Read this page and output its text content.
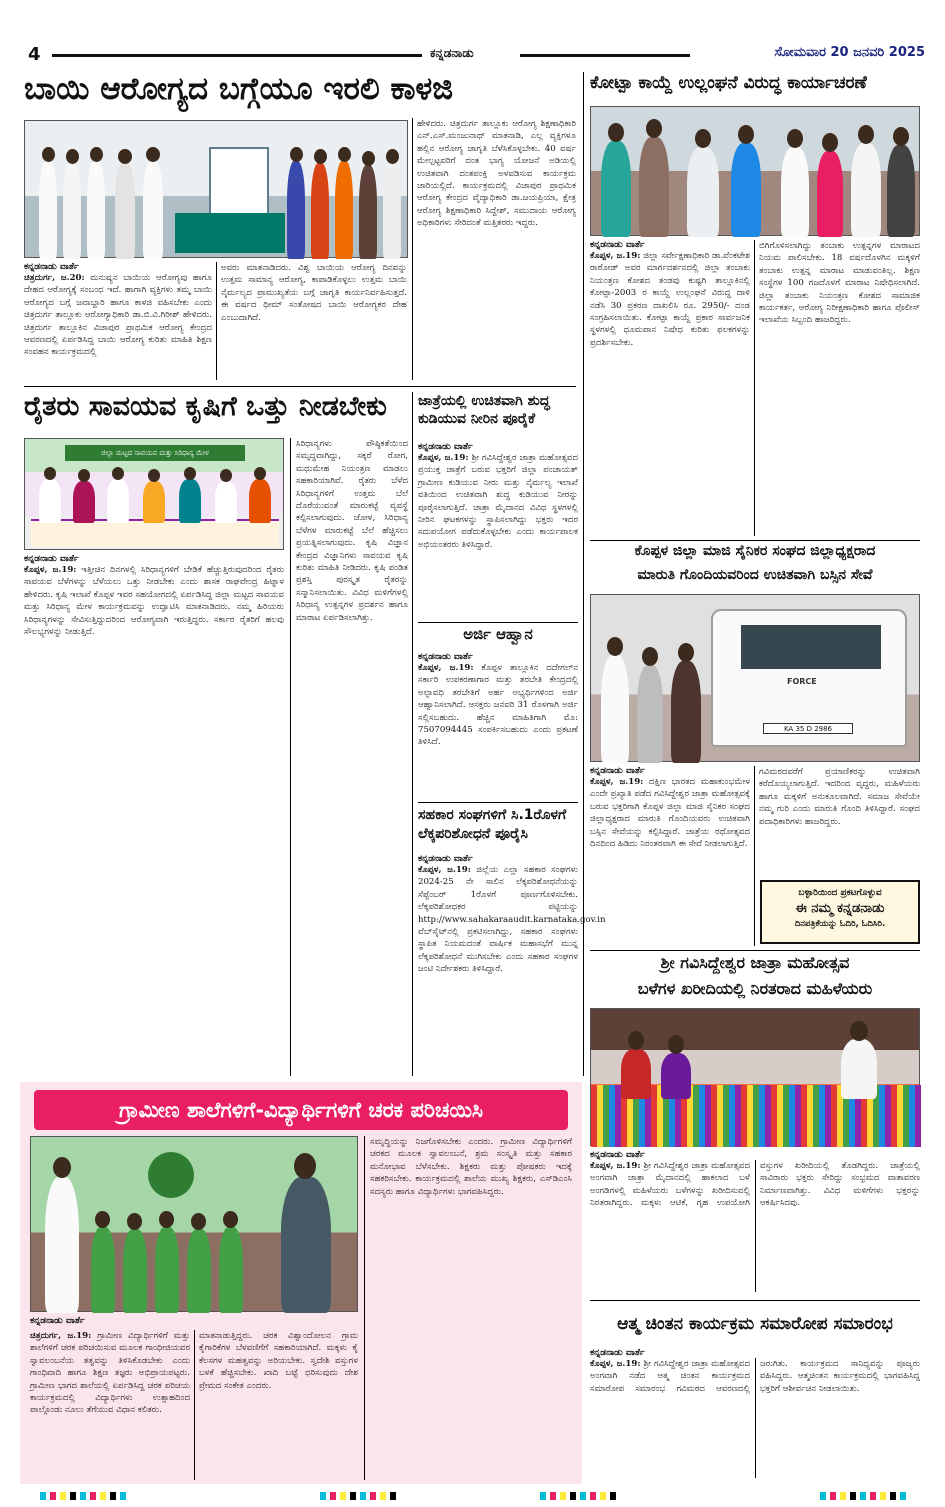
4	ಕನ್ನಡನಾಡು	ಸೋಮವಾರ 20 ಜನವರಿ 2025
ಬಾಯಿ ಆರೋಗ್ಯದ ಬಗ್ಗೆಯೂ ಇರಲಿ ಕಾಳಜಿ
ಕನ್ನಡನಾಡು ವಾರ್ತೆ
ಚಿತ್ರದುರ್ಗ, ಜ.20: ಮನುಷ್ಯನ ಬಾಯಿಯ ಆರೋಗ್ಯವು ಹಾಗೂ ದೇಹದ ಆರೋಗ್ಯಕ್ಕೆ ಸಂಬಂಧ ಇದೆ. ಹಾಗಾಗಿ ವ್ಯಕ್ತಿಗಳು ತಮ್ಮ ಬಾಯಿ ಆರೋಗ್ಯದ ಬಗ್ಗೆ ಜವಾಬ್ದಾರಿ ಹಾಗೂ ಕಾಳಜಿ ವಹಿಸಬೇಕು ಎಂದು ಚಿತ್ರದುರ್ಗ ತಾಲ್ಲೂಕು ಆರೋಗ್ಯಾಧಿಕಾರಿ ಡಾ.ಬಿ.ವಿ.ಗಿರೀಶ್ ಹೇಳಿದರು. ಚಿತ್ರದುರ್ಗ ತಾಲ್ಲೂಕಿನ ವಿಜಾಪುರ ಪ್ರಾಥಮಿಕ ಆರೋಗ್ಯ ಕೇಂದ್ರದ ಆವರಣದಲ್ಲಿ ಏರ್ಪಡಿಸಿದ್ದ ಬಾಯಿ ಆರೋಗ್ಯ ಕುರಿತು ಮಾಹಿತಿ ಶಿಕ್ಷಣ ಸಂವಹನ ಕಾರ್ಯಕ್ರಮದಲ್ಲಿ
ಅವರು ಮಾತನಾಡಿದರು. ವಿಶ್ವ ಬಾಯಿಯ ಆರೋಗ್ಯ ದಿನವನ್ನು ಉತ್ತಮ ಸಾಮಾನ್ಯ ಆರೋಗ್ಯ, ಕಾಪಾಡಿಕೊಳ್ಳಲು ಉತ್ತಮ ಬಾಯಿ ನೈರ್ಮಲ್ಯದ ಪ್ರಾಮುಖ್ಯತೆಯ ಬಗ್ಗೆ ಜಾಗೃತಿ ಕಾರ್ಯನಿರ್ವಹಿಸುತ್ತದೆ. ಈ ವರ್ಷದ ಥೀಮ್ ಸಂತೋಷದ ಬಾಯಿ ಆರೋಗ್ಯಕರ ದೇಹ ಎಂಬುದಾಗಿದೆ.
ಹೇಳಿದರು. ಚಿತ್ರದುರ್ಗ ತಾಲ್ಲೂಕು ಆರೋಗ್ಯ ಶಿಕ್ಷಣಾಧಿಕಾರಿ ಎನ್.ಎಸ್.ಮಂಜುನಾಥ್ ಮಾತನಾಡಿ, ಎಲ್ಲ ವ್ಯಕ್ತಿಗಳೂ ಹಲ್ಲಿನ ಆರೋಗ್ಯ ಜಾಗೃತಿ ಬೆಳೆಸಿಕೊಳ್ಳಬೇಕು. 40 ವರ್ಷ ಮೇಲ್ಪಟ್ಟವರಿಗೆ ದಂತ ಭಾಗ್ಯ ಯೋಜನೆ ಅಡಿಯಲ್ಲಿ ಉಚಿತವಾಗಿ ದಂತಪಂಕ್ತಿ ಅಳವಡಿಸುವ ಕಾರ್ಯಕ್ರಮ ಜಾರಿಯಲ್ಲಿದೆ. ಕಾರ್ಯಕ್ರಮದಲ್ಲಿ ವಿಜಾಪುರ ಪ್ರಾಥಮಿಕ ಆರೋಗ್ಯ ಕೇಂದ್ರದ ವೈದ್ಯಾಧಿಕಾರಿ ಡಾ.ಜಯಪ್ರಿಯಾ, ಕ್ಷೇತ್ರ ಆರೋಗ್ಯ ಶಿಕ್ಷಣಾಧಿಕಾರಿ ಸಿದ್ದೇಶ್, ಸಮುದಾಯ ಆರೋಗ್ಯ ಅಧಿಕಾರಿಗಳು ಸೇರಿದಂತೆ ಮತ್ತಿತರರು ಇದ್ದರು.
ಕೋಟ್ಪಾ ಕಾಯ್ದೆ ಉಲ್ಲಂಘನೆ ವಿರುದ್ಧ ಕಾರ್ಯಾಚರಣೆ
ಕನ್ನಡನಾಡು ವಾರ್ತೆ
ಕೊಪ್ಪಳ, ಜ.19: ಜಿಲ್ಲಾ ಸರ್ವೇಕ್ಷಣಾಧಿಕಾರಿ ಡಾ.ವೆಂಕಟೇಶ ರಾಠೋಡ್ ಅವರ ಮಾರ್ಗದರ್ಶನದಲ್ಲಿ ಜಿಲ್ಲಾ ತಂಬಾಕು ನಿಯಂತ್ರಣ ಕೋಶದ ತಂಡವು ಕುಷ್ಟಗಿ ತಾಲ್ಲೂಕಿನಲ್ಲಿ ಕೋಟ್ಪಾ-2003 ರ ಕಾಯ್ದೆ ಉಲ್ಲಂಘನೆ ವಿರುದ್ಧ ದಾಳಿ ನಡೆಸಿ 30 ಪ್ರಕರಣ ದಾಖಲಿಸಿ ರೂ. 2950/- ದಂಡ ಸಂಗ್ರಹಿಸಲಾಯಿತು. ಕೋಟ್ಪಾ ಕಾಯ್ದೆ ಪ್ರಕಾರ ಸಾರ್ವಜನಿಕ ಸ್ಥಳಗಳಲ್ಲಿ ಧೂಮಪಾನ ನಿಷೇಧ ಕುರಿತು ಫಲಕಗಳನ್ನು ಪ್ರದರ್ಶಿಸಬೇಕು.
ಬಿಗಿಗೊಳಿಸಲಾಗಿದ್ದು ತಂಬಾಕು ಉತ್ಪನ್ನಗಳ ಮಾರಾಟದ ನಿಯಮ ಪಾಲಿಸಬೇಕು. 18 ವರ್ಷದೊಳಗಿನ ಮಕ್ಕಳಿಗೆ ತಂಬಾಕು ಉತ್ಪನ್ನ ಮಾರಾಟ ಮಾಡುವಂತಿಲ್ಲ. ಶಿಕ್ಷಣ ಸಂಸ್ಥೆಗಳ 100 ಗಜದೊಳಗೆ ಮಾರಾಟ ನಿಷೇಧಿಸಲಾಗಿದೆ. ಜಿಲ್ಲಾ ತಂಬಾಕು ನಿಯಂತ್ರಣ ಕೋಶದ ಸಾಮಾಜಿಕ ಕಾರ್ಯಕರ್ತ, ಆರೋಗ್ಯ ನಿರೀಕ್ಷಣಾಧಿಕಾರಿ ಹಾಗೂ ಪೊಲೀಸ್ ಇಲಾಖೆಯ ಸಿಬ್ಬಂದಿ ಹಾಜರಿದ್ದರು.
ರೈತರು ಸಾವಯವ ಕೃಷಿಗೆ ಒತ್ತು ನೀಡಬೇಕು
ಜಿಲ್ಲಾ ಮಟ್ಟದ ಸಾವಯವ ಮತ್ತು ಸಿರಿಧಾನ್ಯ ಮೇಳ
ಕನ್ನಡನಾಡು ವಾರ್ತೆ
ಕೊಪ್ಪಳ, ಜ.19: ಇತ್ತೀಚಿನ ದಿನಗಳಲ್ಲಿ ಸಿರಿಧಾನ್ಯಗಳಿಗೆ ಬೇಡಿಕೆ ಹೆಚ್ಚುತ್ತಿರುವುದರಿಂದ ರೈತರು ಸಾವಯವ ಬೆಳೆಗಳನ್ನು ಬೆಳೆಯಲು ಒತ್ತು ನೀಡಬೇಕು ಎಂದು ಶಾಸಕ ರಾಘವೇಂದ್ರ ಹಿಟ್ನಾಳ ಹೇಳಿದರು. ಕೃಷಿ ಇಲಾಖೆ ಕೊಪ್ಪಳ ಇವರ ಸಹಯೋಗದಲ್ಲಿ ಏರ್ಪಡಿಸಿದ್ದ ಜಿಲ್ಲಾ ಮಟ್ಟದ ಸಾವಯವ ಮತ್ತು ಸಿರಿಧಾನ್ಯ ಮೇಳ ಕಾರ್ಯಕ್ರಮವನ್ನು ಉದ್ಘಾಟಿಸಿ ಮಾತನಾಡಿದರು. ನಮ್ಮ ಹಿರಿಯರು ಸಿರಿಧಾನ್ಯಗಳನ್ನು ಸೇವಿಸುತ್ತಿದ್ದುದರಿಂದ ಆರೋಗ್ಯವಾಗಿ ಇರುತ್ತಿದ್ದರು. ಸರ್ಕಾರ ರೈತರಿಗೆ ಹಲವು ಸೌಲಭ್ಯಗಳನ್ನು ನೀಡುತ್ತಿದೆ.
ಸಿರಿಧಾನ್ಯಗಳು ಪೌಷ್ಠಿಕತೆಯಿಂದ ಸಮೃದ್ಧವಾಗಿದ್ದು, ಸಕ್ಕರೆ ರೋಗ, ಮಧುಮೇಹ ನಿಯಂತ್ರಣ ಮಾಡಲು ಸಹಕಾರಿಯಾಗಿವೆ. ರೈತರು ಬೆಳೆದ ಸಿರಿಧಾನ್ಯಗಳಿಗೆ ಉತ್ತಮ ಬೆಲೆ ದೊರೆಯುವಂತೆ ಮಾರುಕಟ್ಟೆ ವ್ಯವಸ್ಥೆ ಕಲ್ಪಿಸಲಾಗುವುದು. ಜೋಳ, ಸಿರಿಧಾನ್ಯ ಬೆಳೆಗಳ ಮಾರುಕಟ್ಟೆ ಬೆಲೆ ಹೆಚ್ಚಿಸಲು ಪ್ರಯತ್ನಿಸಲಾಗುವುದು. ಕೃಷಿ ವಿಜ್ಞಾನ ಕೇಂದ್ರದ ವಿಜ್ಞಾನಿಗಳು ಸಾವಯವ ಕೃಷಿ ಕುರಿತು ಮಾಹಿತಿ ನೀಡಿದರು. ಕೃಷಿ ಪಂಡಿತ ಪ್ರಶಸ್ತಿ ಪುರಸ್ಕೃತ ರೈತರನ್ನು ಸನ್ಮಾನಿಸಲಾಯಿತು. ವಿವಿಧ ಮಳಿಗೆಗಳಲ್ಲಿ ಸಿರಿಧಾನ್ಯ ಉತ್ಪನ್ನಗಳ ಪ್ರದರ್ಶನ ಹಾಗೂ ಮಾರಾಟ ಏರ್ಪಡಿಸಲಾಗಿತ್ತು.
ಜಾತ್ರೆಯಲ್ಲಿ ಉಚಿತವಾಗಿ ಶುದ್ಧ ಕುಡಿಯುವ ನೀರಿನ ಪೂರೈಕೆ
ಕನ್ನಡನಾಡು ವಾರ್ತೆ
ಕೊಪ್ಪಳ, ಜ.19: ಶ್ರೀ ಗವಿಸಿದ್ದೇಶ್ವರ ಜಾತ್ರಾ ಮಹೋತ್ಸವದ ಪ್ರಯುಕ್ತ ಜಾತ್ರೆಗೆ ಬರುವ ಭಕ್ತರಿಗೆ ಜಿಲ್ಲಾ ಪಂಚಾಯತ್ ಗ್ರಾಮೀಣ ಕುಡಿಯುವ ನೀರು ಮತ್ತು ನೈರ್ಮಲ್ಯ ಇಲಾಖೆ ವತಿಯಿಂದ ಉಚಿತವಾಗಿ ಶುದ್ಧ ಕುಡಿಯುವ ನೀರನ್ನು ಪೂರೈಸಲಾಗುತ್ತಿದೆ. ಜಾತ್ರಾ ಮೈದಾನದ ವಿವಿಧ ಸ್ಥಳಗಳಲ್ಲಿ ನೀರಿನ ಘಟಕಗಳನ್ನು ಸ್ಥಾಪಿಸಲಾಗಿದ್ದು ಭಕ್ತರು ಇದರ ಸದುಪಯೋಗ ಪಡೆದುಕೊಳ್ಳಬೇಕು ಎಂದು ಕಾರ್ಯಪಾಲಕ ಅಭಿಯಂತರರು ತಿಳಿಸಿದ್ದಾರೆ.
ಅರ್ಜಿ ಆಹ್ವಾನ
ಕನ್ನಡನಾಡು ವಾರ್ತೆ
ಕೊಪ್ಪಳ, ಜ.19: ಕೊಪ್ಪಳ ತಾಲ್ಲೂಕಿನ ದದೇಗಲ್‌ನ ಸರ್ಕಾರಿ ಉಪಕರಣಾಗಾರ ಮತ್ತು ತರಬೇತಿ ಕೇಂದ್ರದಲ್ಲಿ ಅಲ್ಪಾವಧಿ ತರಬೇತಿಗೆ ಅರ್ಹ ಅಭ್ಯರ್ಥಿಗಳಿಂದ ಅರ್ಜಿ ಆಹ್ವಾನಿಸಲಾಗಿದೆ. ಆಸಕ್ತರು ಜನವರಿ 31 ರೊಳಗಾಗಿ ಅರ್ಜಿ ಸಲ್ಲಿಸಬಹುದು. ಹೆಚ್ಚಿನ ಮಾಹಿತಿಗಾಗಿ ಮೊ: 7507094445 ಸಂಪರ್ಕಿಸಬಹುದು ಎಂದು ಪ್ರಕಟಣೆ ತಿಳಿಸಿದೆ.
ಸಹಕಾರ ಸಂಘಗಳಿಗೆ ಸಿ.1ರೊಳಗೆ ಲೆಕ್ಕಪರಿಶೋಧನೆ ಪೂರೈಸಿ
ಕನ್ನಡನಾಡು ವಾರ್ತೆ
ಕೊಪ್ಪಳ, ಜ.19: ಜಿಲ್ಲೆಯ ಎಲ್ಲಾ ಸಹಕಾರ ಸಂಘಗಳು 2024-25 ನೇ ಸಾಲಿನ ಲೆಕ್ಕಪರಿಶೋಧನೆಯನ್ನು ಸೆಪ್ಟೆಂಬರ್ 1ರೊಳಗೆ ಪೂರ್ಣಗೊಳಿಸಬೇಕು. ಲೆಕ್ಕಪರಿಶೋಧಕರ ಪಟ್ಟಿಯನ್ನು http://www.sahakaraaudit.karnataka.gov.in ವೆಬ್‌ಸೈಟ್‌ನಲ್ಲಿ ಪ್ರಕಟಿಸಲಾಗಿದ್ದು, ಸಹಕಾರ ಸಂಘಗಳು ಸ್ಥಾಪಿತ ನಿಯಮದಂತೆ ವಾರ್ಷಿಕ ಮಹಾಸಭೆಗೆ ಮುನ್ನ ಲೆಕ್ಕಪರಿಶೋಧನೆ ಮುಗಿಸಬೇಕು ಎಂದು ಸಹಕಾರ ಸಂಘಗಳ ಜಂಟಿ ನಿರ್ದೇಶಕರು ತಿಳಿಸಿದ್ದಾರೆ.
ಕೊಪ್ಪಳ ಜಿಲ್ಲಾ ಮಾಜಿ ಸೈನಿಕರ ಸಂಘದ ಜಿಲ್ಲಾಧ್ಯಕ್ಷರಾದ
ಮಾರುತಿ ಗೊಂದಿಯವರಿಂದ ಉಚಿತವಾಗಿ ಬಸ್ಸಿನ ಸೇವೆ
FORCE
KA 35 D 2986
ಕನ್ನಡನಾಡು ವಾರ್ತೆ
ಕೊಪ್ಪಳ, ಜ.19: ದಕ್ಷಿಣ ಭಾರತದ ಮಹಾಕುಂಭಮೇಳ ಎಂದೇ ಪ್ರಖ್ಯಾತಿ ಪಡೆದ ಗವಿಸಿದ್ದೇಶ್ವರ ಜಾತ್ರಾ ಮಹೋತ್ಸವಕ್ಕೆ ಬರುವ ಭಕ್ತರಿಗಾಗಿ ಕೊಪ್ಪಳ ಜಿಲ್ಲಾ ಮಾಜಿ ಸೈನಿಕರ ಸಂಘದ ಜಿಲ್ಲಾಧ್ಯಕ್ಷರಾದ ಮಾರುತಿ ಗೊಂದಿಯವರು ಉಚಿತವಾಗಿ ಬಸ್ಸಿನ ಸೇವೆಯನ್ನು ಕಲ್ಪಿಸಿದ್ದಾರೆ. ಜಾತ್ರೆಯ ರಥೋತ್ಸವದ ದಿನದಿಂದ ಹಿಡಿದು ನಿರಂತರವಾಗಿ ಈ ಸೇವೆ ನೀಡಲಾಗುತ್ತಿದೆ.
ಗವಿಮಠದವರೆಗೆ ಪ್ರಯಾಣಿಕರನ್ನು ಉಚಿತವಾಗಿ ಕರೆದೊಯ್ಯಲಾಗುತ್ತಿದೆ. ಇದರಿಂದ ವೃದ್ಧರು, ಮಹಿಳೆಯರು ಹಾಗೂ ಮಕ್ಕಳಿಗೆ ಅನುಕೂಲವಾಗಿದೆ. ಸಮಾಜ ಸೇವೆಯೇ ನಮ್ಮ ಗುರಿ ಎಂದು ಮಾರುತಿ ಗೊಂದಿ ತಿಳಿಸಿದ್ದಾರೆ. ಸಂಘದ ಪದಾಧಿಕಾರಿಗಳು ಹಾಜರಿದ್ದರು.
ಬಳ್ಳಾರಿಯಿಂದ ಪ್ರಕಟಗೊಳ್ಳುವ
ಈ ನಮ್ಮ ಕನ್ನಡನಾಡು
ದಿನಪತ್ರಿಕೆಯನ್ನು ಓದಿರಿ, ಓದಿಸಿರಿ.
ಶ್ರೀ ಗವಿಸಿದ್ದೇಶ್ವರ ಜಾತ್ರಾ ಮಹೋತ್ಸವ
ಬಳೆಗಳ ಖರೀದಿಯಲ್ಲಿ ನಿರತರಾದ ಮಹಿಳೆಯರು
ಕನ್ನಡನಾಡು ವಾರ್ತೆ
ಕೊಪ್ಪಳ, ಜ.19: ಶ್ರೀ ಗವಿಸಿದ್ದೇಶ್ವರ ಜಾತ್ರಾ ಮಹೋತ್ಸವದ ಅಂಗವಾಗಿ ಜಾತ್ರಾ ಮೈದಾನದಲ್ಲಿ ಹಾಕಲಾದ ಬಳೆ ಅಂಗಡಿಗಳಲ್ಲಿ ಮಹಿಳೆಯರು ಬಳೆಗಳನ್ನು ಖರೀದಿಸುವಲ್ಲಿ ನಿರತರಾಗಿದ್ದರು. ಮಕ್ಕಳು ಆಟಿಕೆ, ಗೃಹ ಉಪಯೋಗಿ ವಸ್ತುಗಳ ಖರೀದಿಯಲ್ಲಿ ತೊಡಗಿದ್ದರು. ಜಾತ್ರೆಯಲ್ಲಿ ಸಾವಿರಾರು ಭಕ್ತರು ಸೇರಿದ್ದು ಸಂಭ್ರಮದ ವಾತಾವರಣ ನಿರ್ಮಾಣವಾಗಿತ್ತು. ವಿವಿಧ ಮಳಿಗೆಗಳು ಭಕ್ತರನ್ನು ಆಕರ್ಷಿಸಿದವು.
ಆತ್ಮ ಚಿಂತನ ಕಾರ್ಯಕ್ರಮ ಸಮಾರೋಪ ಸಮಾರಂಭ
ಕನ್ನಡನಾಡು ವಾರ್ತೆ
ಕೊಪ್ಪಳ, ಜ.19: ಶ್ರೀ ಗವಿಸಿದ್ದೇಶ್ವರ ಜಾತ್ರಾ ಮಹೋತ್ಸವದ ಅಂಗವಾಗಿ ನಡೆದ ಆತ್ಮ ಚಿಂತನ ಕಾರ್ಯಕ್ರಮದ ಸಮಾರೋಪ ಸಮಾರಂಭ ಗವಿಮಠದ ಆವರಣದಲ್ಲಿ ಜರುಗಿತು. ಕಾರ್ಯಕ್ರಮದ ಸಾನಿಧ್ಯವನ್ನು ಪೂಜ್ಯರು ವಹಿಸಿದ್ದರು. ಆತ್ಮಚಿಂತನ ಕಾರ್ಯಕ್ರಮದಲ್ಲಿ ಭಾಗವಹಿಸಿದ್ದ ಭಕ್ತರಿಗೆ ಆಶೀರ್ವಚನ ನೀಡಲಾಯಿತು.
ಗ್ರಾಮೀಣ ಶಾಲೆಗಳಿಗೆ-ವಿದ್ಯಾರ್ಥಿಗಳಿಗೆ ಚರಕ ಪರಿಚಯಿಸಿ
ಕನ್ನಡನಾಡು ವಾರ್ತೆ
ಚಿತ್ರದುರ್ಗ, ಜ.19: ಗ್ರಾಮೀಣ ವಿದ್ಯಾರ್ಥಿಗಳಿಗೆ ಮತ್ತು ಶಾಲೆಗಳಿಗೆ ಚರಕ ಪರಿಚಯಿಸುವ ಮೂಲಕ ಗಾಂಧೀಜಿಯವರ ಸ್ವಾವಲಂಬನೆಯ ತತ್ವವನ್ನು ತಿಳಿಸಿಕೊಡಬೇಕು ಎಂದು ಗಾಂಧಿವಾದಿ ಹಾಗೂ ಶಿಕ್ಷಣ ತಜ್ಞರು ಅಭಿಪ್ರಾಯಪಟ್ಟರು. ಗ್ರಾಮೀಣ ಭಾಗದ ಶಾಲೆಯಲ್ಲಿ ಏರ್ಪಡಿಸಿದ್ದ ಚರಕ ಪರಿಚಯ ಕಾರ್ಯಕ್ರಮದಲ್ಲಿ ವಿದ್ಯಾರ್ಥಿಗಳು ಉತ್ಸಾಹದಿಂದ ಪಾಲ್ಗೊಂಡು ನೂಲು ತೆಗೆಯುವ ವಿಧಾನ ಕಲಿತರು.
ಮಾತನಾಡುತ್ತಿದ್ದರು. ಚರಕ ವಿಶ್ವಾಂದೋಲನ ಗ್ರಾಮ ಕೈಗಾರಿಕೆಗಳ ಬೆಳವಣಿಗೆಗೆ ಸಹಕಾರಿಯಾಗಿದೆ. ಮಕ್ಕಳು ಕೈ ಕೆಲಸಗಳ ಮಹತ್ವವನ್ನು ಅರಿಯಬೇಕು. ಸ್ವದೇಶಿ ವಸ್ತುಗಳ ಬಳಕೆ ಹೆಚ್ಚಿಸಬೇಕು. ಖಾದಿ ಬಟ್ಟೆ ಧರಿಸುವುದು ದೇಶ ಪ್ರೇಮದ ಸಂಕೇತ ಎಂದರು.
ಸಮೃದ್ಧಿಯನ್ನು ನಿಜಗೊಳಿಸಬೇಕು ಎಂದರು. ಗ್ರಾಮೀಣ ವಿದ್ಯಾರ್ಥಿಗಳಿಗೆ ಚರಕದ ಮೂಲಕ ಸ್ವಾವಲಂಬನೆ, ಶ್ರಮ ಸಂಸ್ಕೃತಿ ಮತ್ತು ಸಹಕಾರ ಮನೋಭಾವ ಬೆಳೆಸಬೇಕು. ಶಿಕ್ಷಕರು ಮತ್ತು ಪೋಷಕರು ಇದಕ್ಕೆ ಸಹಕರಿಸಬೇಕು. ಕಾರ್ಯಕ್ರಮದಲ್ಲಿ ಶಾಲೆಯ ಮುಖ್ಯ ಶಿಕ್ಷಕರು, ಎಸ್‌ಡಿಎಂಸಿ ಸದಸ್ಯರು ಹಾಗೂ ವಿದ್ಯಾರ್ಥಿಗಳು ಭಾಗವಹಿಸಿದ್ದರು.
